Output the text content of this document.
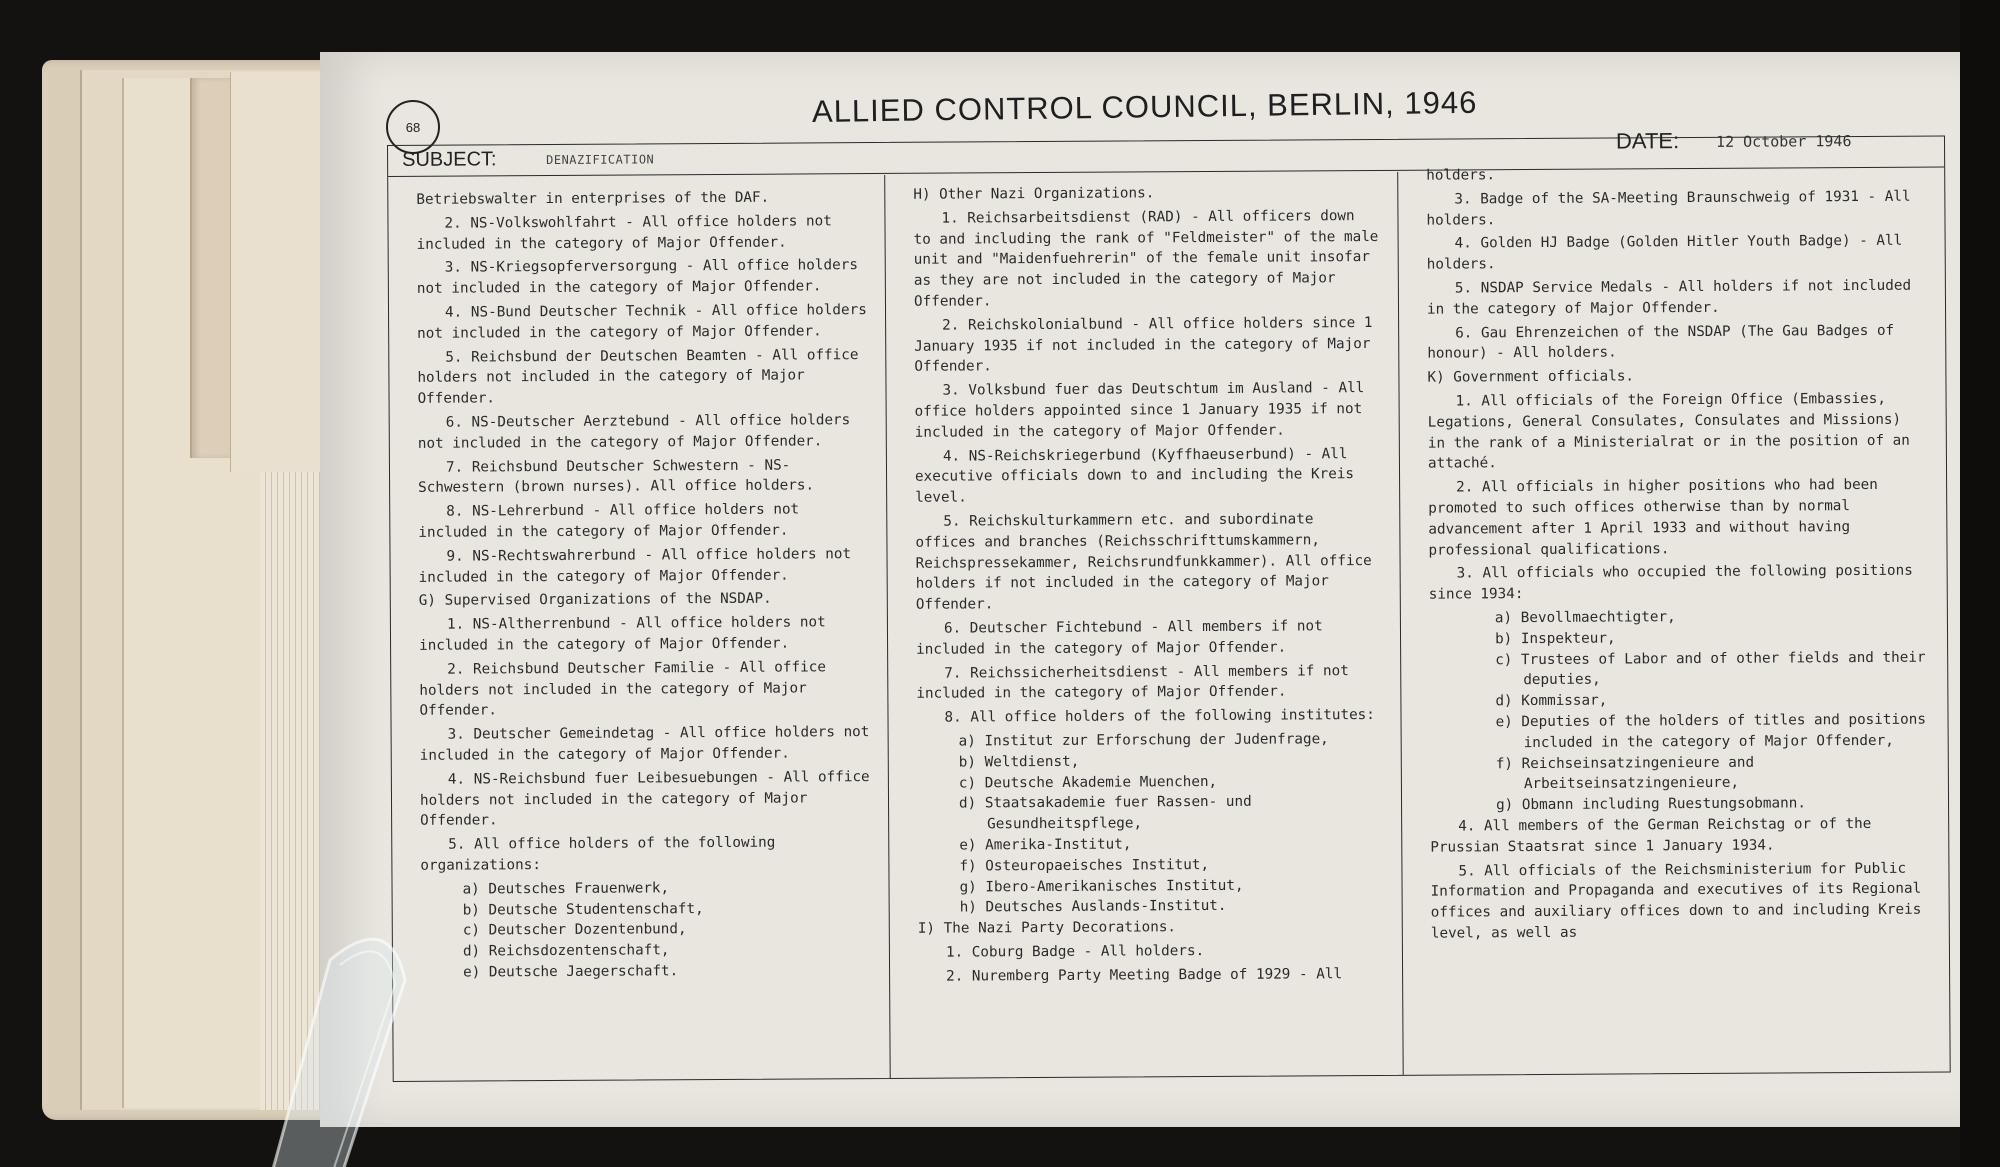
68	ALLIED CONTROL COUNCIL, BERLIN, 1946
SUBJECT:	DENAZIFICATION
DATE: 12 October 1946
Betriebswalter in enterprises of the DAF.
2. NS-Volkswohlfahrt - All office holders not included in the category of Major Offender.
3. NS-Kriegsopferversorgung - All office holders not included in the category of Major Offender.
4. NS-Bund Deutscher Technik - All office holders not included in the category of Major Offender.
5. Reichsbund der Deutschen Beamten - All office holders not included in the category of Major Offender.
6. NS-Deutscher Aerztebund - All office holders not included in the category of Major Offender.
7. Reichsbund Deutscher Schwestern - NS-Schwestern (brown nurses). All office holders.
8. NS-Lehrerbund - All office holders not included in the category of Major Offender.
9. NS-Rechtswahrerbund - All office holders not included in the category of Major Offender.
G) Supervised Organizations of the NSDAP.
1. NS-Altherrenbund - All office holders not included in the category of Major Offender.
2. Reichsbund Deutscher Familie - All office holders not included in the category of Major Offender.
3. Deutscher Gemeindetag - All office holders not included in the category of Major Offender.
4. NS-Reichsbund fuer Leibesuebungen - All office holders not included in the category of Major Offender.
5. All office holders of the following organizations:
a) Deutsches Frauenwerk,
b) Deutsche Studentenschaft,
c) Deutscher Dozentenbund,
d) Reichsdozentenschaft,
e) Deutsche Jaegerschaft.
H) Other Nazi Organizations.
1. Reichsarbeitsdienst (RAD) - All officers down to and including the rank of "Feldmeister" of the male unit and "Maidenfuehrerin" of the female unit insofar as they are not included in the category of Major Offender.
2. Reichskolonialbund - All office holders since 1 January 1935 if not included in the category of Major Offender.
3. Volksbund fuer das Deutschtum im Ausland - All office holders appointed since 1 January 1935 if not included in the category of Major Offender.
4. NS-Reichskriegerbund (Kyffhaeuserbund) - All executive officials down to and including the Kreis level.
5. Reichskulturkammern etc. and subordinate offices and branches (Reichsschrifttumskammern, Reichspressekammer, Reichsrundfunkkammer). All office holders if not included in the category of Major Offender.
6. Deutscher Fichtebund - All members if not included in the category of Major Offender.
7. Reichssicherheitsdienst - All members if not included in the category of Major Offender.
8. All office holders of the following institutes:
a) Institut zur Erforschung der Judenfrage,
b) Weltdienst,
c) Deutsche Akademie Muenchen,
d) Staatsakademie fuer Rassen- und Gesundheitspflege,
e) Amerika-Institut,
f) Osteuropaeisches Institut,
g) Ibero-Amerikanisches Institut,
h) Deutsches Auslands-Institut.
I) The Nazi Party Decorations.
1. Coburg Badge - All holders.
2. Nuremberg Party Meeting Badge of 1929 - All
holders.
3. Badge of the SA-Meeting Braunschweig of 1931 - All holders.
4. Golden HJ Badge (Golden Hitler Youth Badge) - All holders.
5. NSDAP Service Medals - All holders if not included in the category of Major Offender.
6. Gau Ehrenzeichen of the NSDAP (The Gau Badges of honour) - All holders.
K) Government officials.
1. All officials of the Foreign Office (Embassies, Legations, General Consulates, Consulates and Missions) in the rank of a Ministerialrat or in the position of an attaché.
2. All officials in higher positions who had been promoted to such offices otherwise than by normal advancement after 1 April 1933 and without having professional qualifications.
3. All officials who occupied the following positions since 1934:
a) Bevollmaechtigter,
b) Inspekteur,
c) Trustees of Labor and of other fields and their deputies,
d) Kommissar,
e) Deputies of the holders of titles and positions included in the category of Major Offender,
f) Reichseinsatzingenieure and Arbeitseinsatzingenieure,
g) Obmann including Ruestungsobmann.
4. All members of the German Reichstag or of the Prussian Staatsrat since 1 January 1934.
5. All officials of the Reichsministerium for Public Information and Propaganda and executives of its Regional offices and auxiliary offices down to and including Kreis level, as well as
